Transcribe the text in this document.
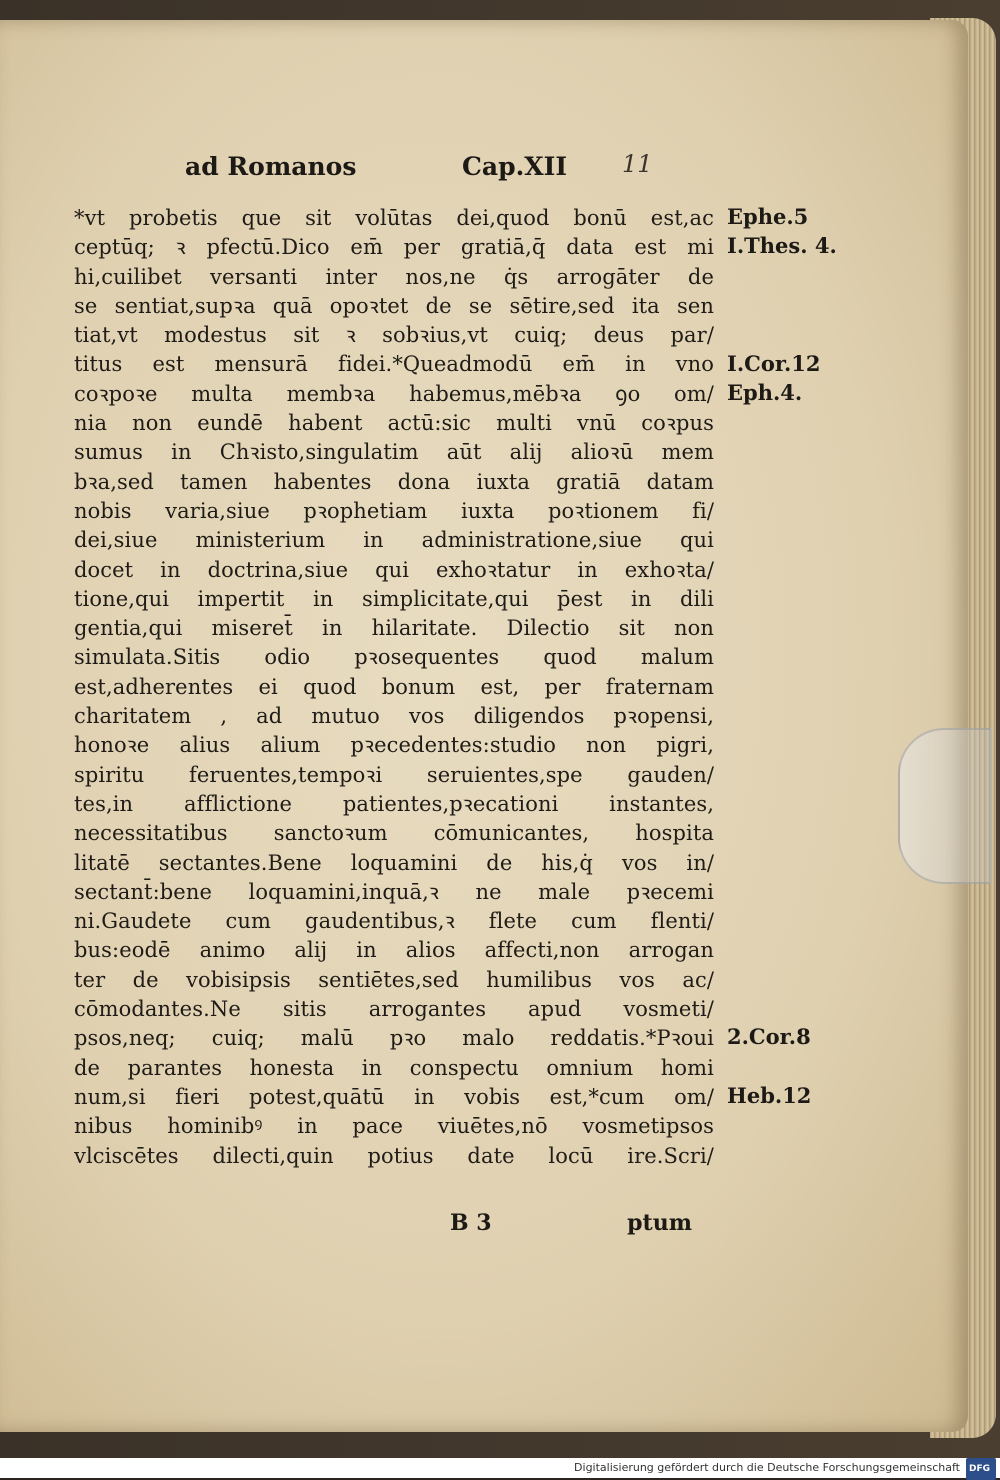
ad Romanos	Cap.XII 11
*vt probetis que sit volūtas dei,quod bonū est,ac
ceptūq; ꝛ pfectū.Dico em̄ per gratiā,q̄ data est mi
hi,cuilibet versanti inter nos,ne q̇s arrogāter de
se sentiat,supꝛa quā opoꝛtet de se sētire,sed ita sen
tiat,vt modestus sit ꝛ sobꝛius,vt cuiq; deus par/
titus est mensurā fidei.*Queadmodū em̄ in vno
coꝛpoꝛe multa membꝛa habemus,mēbꝛa ꝯo om/
nia non eundē habent actū:sic multi vnū coꝛpus
sumus in Chꝛisto,singulatim aūt alij alioꝛū mem
bꝛa,sed tamen habentes dona iuxta gratiā datam
nobis varia,siue pꝛophetiam iuxta poꝛtionem fi/
dei,siue ministerium in administratione,siue qui
docet in doctrina,siue qui exhoꝛtatur in exhoꝛta/
tione,qui impertit in simplicitate,qui p̄est in dili
gentia,qui miseret̄ in hilaritate. Dilectio sit non
simulata.Sitis odio pꝛosequentes quod malum
est,adherentes ei quod bonum est, per fraternam
charitatem , ad mutuo vos diligendos pꝛopensi,
honoꝛe alius alium pꝛecedentes:studio non pigri,
spiritu feruentes,tempoꝛi seruientes,spe gauden/
tes,in afflictione patientes,pꝛecationi instantes,
necessitatibus sanctoꝛum cōmunicantes, hospita
litatē sectantes.Bene loquamini de his,q̇ vos in/
sectant̄:bene loquamini,inquā,ꝛ ne male pꝛecemi
ni.Gaudete cum gaudentibus,ꝛ flete cum flenti/
bus:eodē animo alij in alios affecti,non arrogan
ter de vobisipsis sentiētes,sed humilibus vos ac/
cōmodantes.Ne sitis arrogantes apud vosmeti/
psos,neq; cuiq; malū pꝛo malo reddatis.*Pꝛoui
de parantes honesta in conspectu omnium homi
num,si fieri potest,quātū in vobis est,*cum om/
nibus hominibꝰ in pace viuētes,nō vosmetipsos
vlciscētes dilecti,quin potius date locū ire.Scri/
Ephe.5
I.Thes. 4.
I.Cor.12
Eph.4.
2.Cor.8
Heb.12
B 3	ptum
Digitalisierung gefördert durch die Deutsche Forschungsgemeinschaft DFG
